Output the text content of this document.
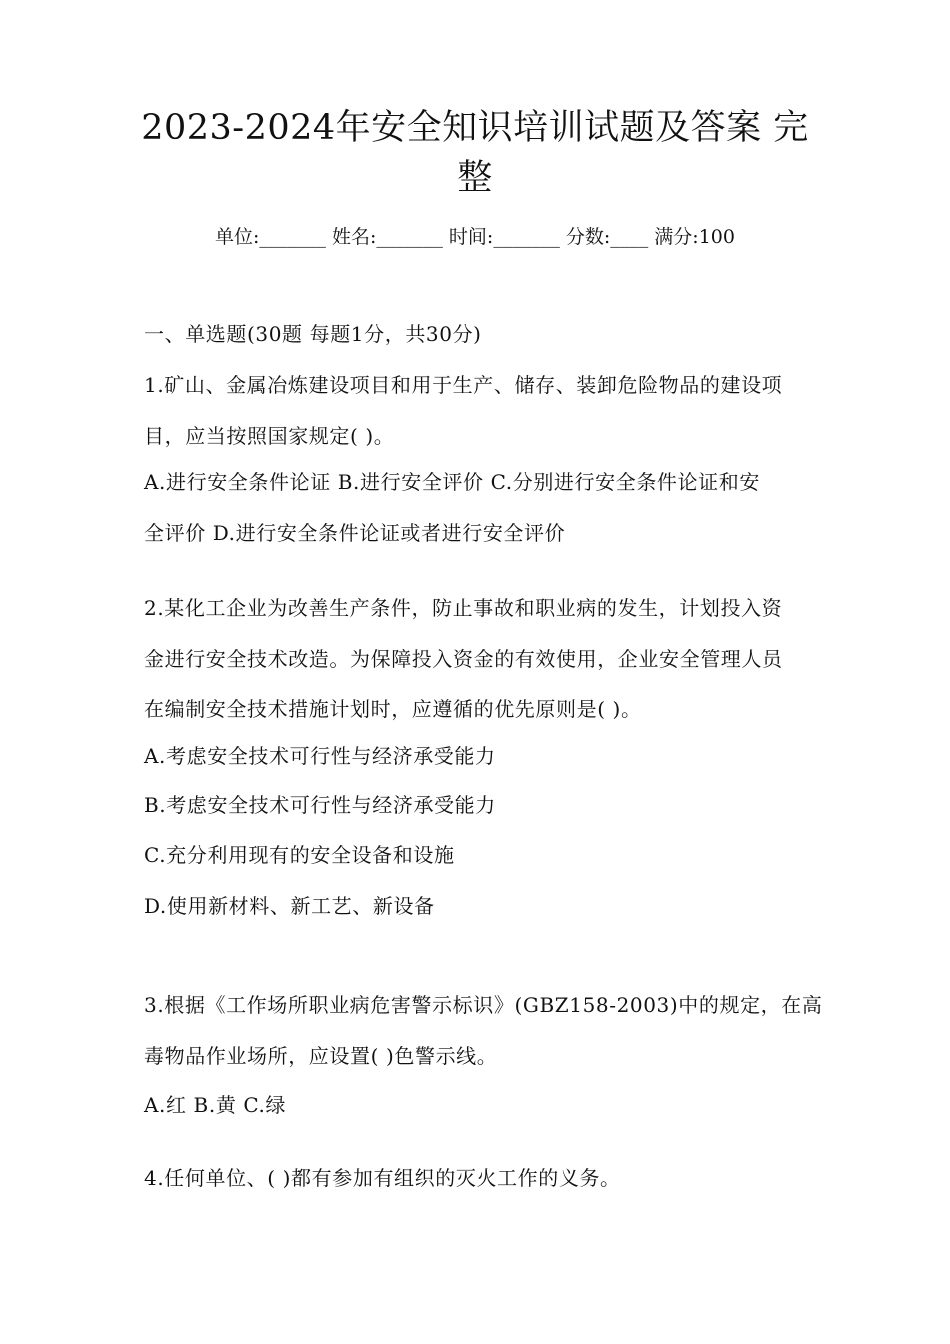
2023-2024年安全知识培训试题及答案 完
整
单位:_______ 姓名:_______ 时间:_______ 分数:____ 满分:100
一、单选题(30题 每题1分，共30分)
1.矿山、金属冶炼建设项目和用于生产、储存、装卸危险物品的建设项
目，应当按照国家规定( )。
A.进行安全条件论证 B.进行安全评价 C.分别进行安全条件论证和安
全评价 D.进行安全条件论证或者进行安全评价
2.某化工企业为改善生产条件，防止事故和职业病的发生，计划投入资
金进行安全技术改造。为保障投入资金的有效使用，企业安全管理人员
在编制安全技术措施计划时，应遵循的优先原则是( )。
A.考虑安全技术可行性与经济承受能力
B.考虑安全技术可行性与经济承受能力
C.充分利用现有的安全设备和设施
D.使用新材料、新工艺、新设备
3.根据《工作场所职业病危害警示标识》(GBZ158-2003)中的规定，在高
毒物品作业场所，应设置( )色警示线。
A.红 B.黄 C.绿
4.任何单位、( )都有参加有组织的灭火工作的义务。
